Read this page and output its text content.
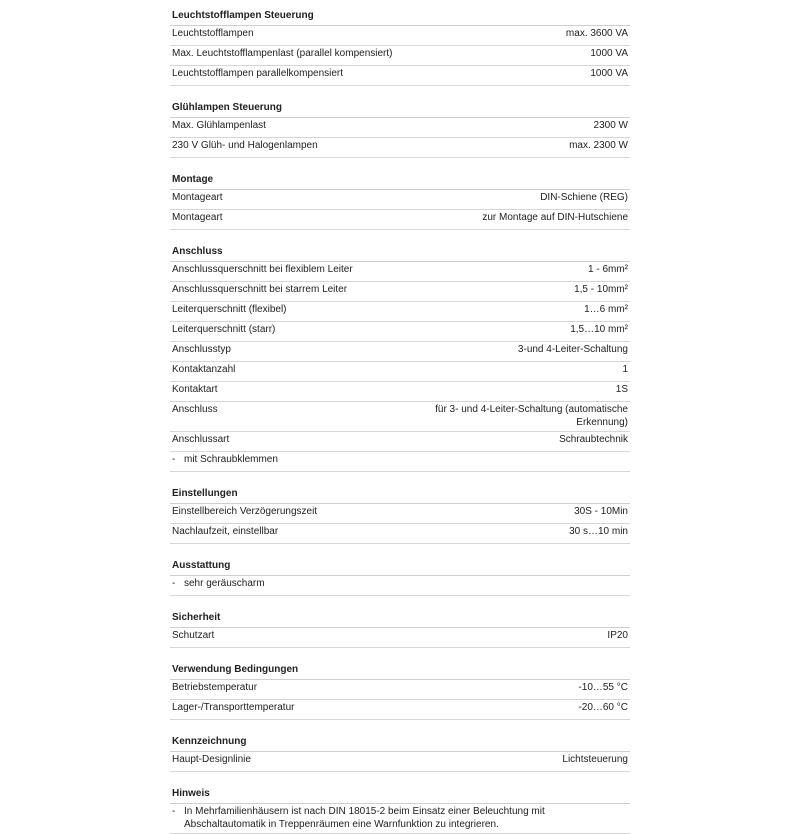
Leuchtstofflampen Steuerung
Leuchtstofflampen	max. 3600 VA
Max. Leuchtstofflampenlast (parallel kompensiert)	1000 VA
Leuchtstofflampen parallelkompensiert	1000 VA
Glühlampen Steuerung
Max. Glühlampenlast	2300 W
230 V Glüh- und Halogenlampen	max. 2300 W
Montage
Montageart	DIN-Schiene (REG)
Montageart	zur Montage auf DIN-Hutschiene
Anschluss
Anschlussquerschnitt bei flexiblem Leiter	1 - 6mm²
Anschlussquerschnitt bei starrem Leiter	1,5 - 10mm²
Leiterquerschnitt (flexibel)	1…6 mm²
Leiterquerschnitt (starr)	1,5…10 mm²
Anschlusstyp	3-und 4-Leiter-Schaltung
Kontaktanzahl	1
Kontaktart	1S
Anschluss	für 3- und 4-Leiter-Schaltung (automatische Erkennung)
Anschlussart	Schraubtechnik
- mit Schraubklemmen
Einstellungen
Einstellbereich Verzögerungszeit	30S - 10Min
Nachlaufzeit, einstellbar	30 s…10 min
Ausstattung
- sehr geräuscharm
Sicherheit
Schutzart	IP20
Verwendung Bedingungen
Betriebstemperatur	-10…55 °C
Lager-/Transporttemperatur	-20…60 °C
Kennzeichnung
Haupt-Designlinie	Lichtsteuerung
Hinweis
- In Mehrfamilienhäusern ist nach DIN 18015-2 beim Einsatz einer Beleuchtung mit Abschaltautomatik in Treppenräumen eine Warnfunktion zu integrieren.
